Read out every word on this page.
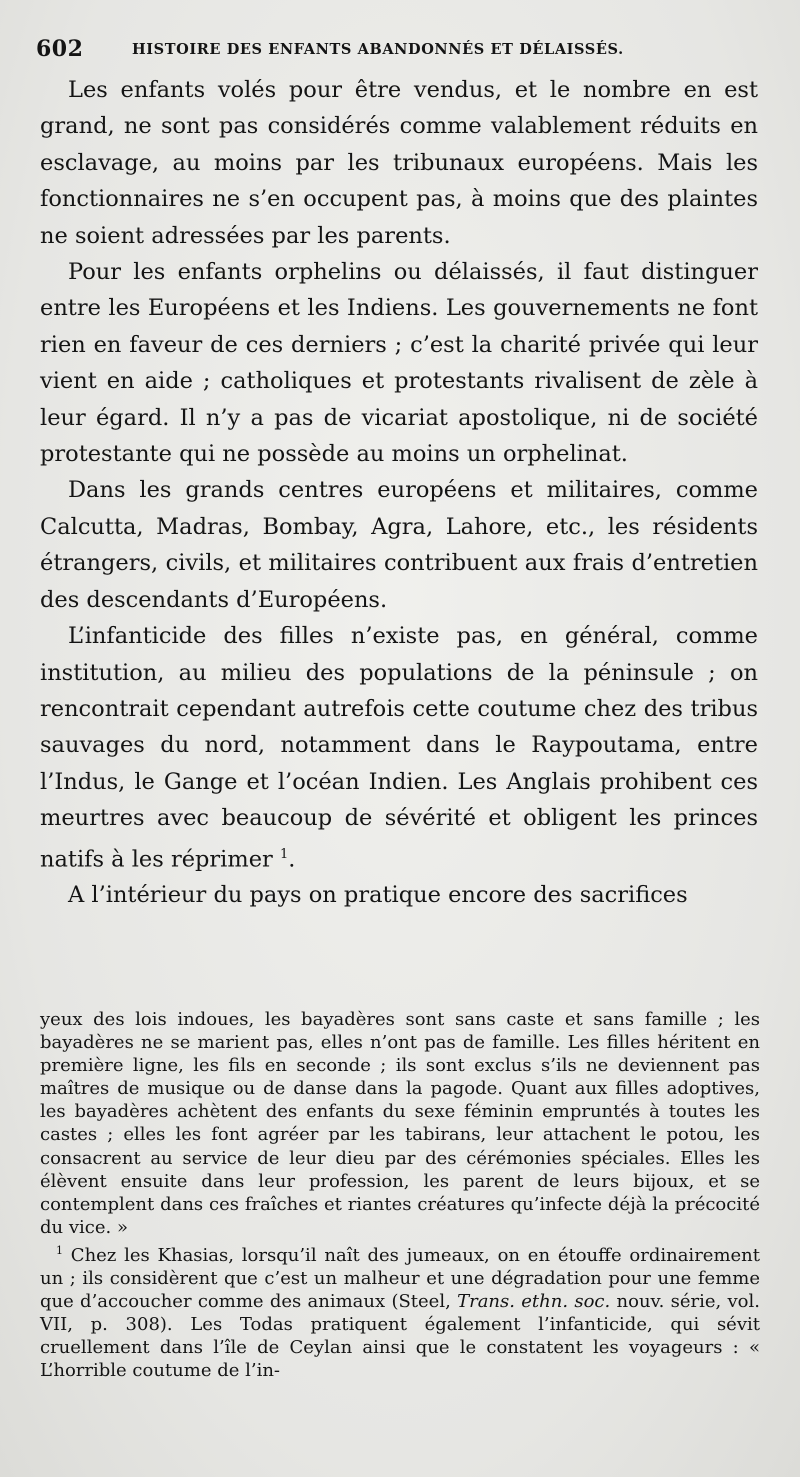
602	HISTOIRE DES ENFANTS ABANDONNÉS ET DÉLAISSÉS.

Les enfants volés pour être vendus, et le nombre en est grand, ne sont pas considérés comme valablement réduits en esclavage, au moins par les tribunaux européens. Mais les fonctionnaires ne s’en occupent pas, à moins que des plaintes ne soient adressées par les parents.

Pour les enfants orphelins ou délaissés, il faut distinguer entre les Européens et les Indiens. Les gouvernements ne font rien en faveur de ces derniers ; c’est la charité privée qui leur vient en aide ; catholiques et protestants rivalisent de zèle à leur égard. Il n’y a pas de vicariat apostolique, ni de société protestante qui ne possède au moins un orphelinat.

Dans les grands centres européens et militaires, comme Calcutta, Madras, Bombay, Agra, Lahore, etc., les résidents étrangers, civils, et militaires contribuent aux frais d’entretien des descendants d’Européens.

L’infanticide des filles n’existe pas, en général, comme institution, au milieu des populations de la péninsule ; on rencontrait cependant autrefois cette coutume chez des tribus sauvages du nord, notamment dans le Raypoutama, entre l’Indus, le Gange et l’océan Indien. Les Anglais prohibent ces meurtres avec beaucoup de sévérité et obligent les princes natifs à les réprimer $^1$.

A l’intérieur du pays on pratique encore des sacrifices

yeux des lois indoues, les bayadères sont sans caste et sans famille ; les bayadères ne se marient pas, elles n’ont pas de famille. Les filles héritent en première ligne, les fils en seconde ; ils sont exclus s’ils ne deviennent pas maîtres de musique ou de danse dans la pagode. Quant aux filles adoptives, les bayadères achètent des enfants du sexe féminin empruntés à toutes les castes ; elles les font agréer par les tabirans, leur attachent le potou, les consacrent au service de leur dieu par des cérémonies spéciales. Elles les élèvent ensuite dans leur profession, les parent de leurs bijoux, et se contemplent dans ces fraîches et riantes créatures qu’infecte déjà la précocité du vice. »

$^1$ Chez les Khasias, lorsqu’il naît des jumeaux, on en étouffe ordinairement un ; ils considèrent que c’est un malheur et une dégradation pour une femme que d’accoucher comme des animaux (Steel, Trans. ethn. soc. nouv. série, vol. VII, p. 308). Les Todas pratiquent également l’infanticide, qui sévit cruellement dans l’île de Ceylan ainsi que le constatent les voyageurs : « L’horrible coutume de l’in-
